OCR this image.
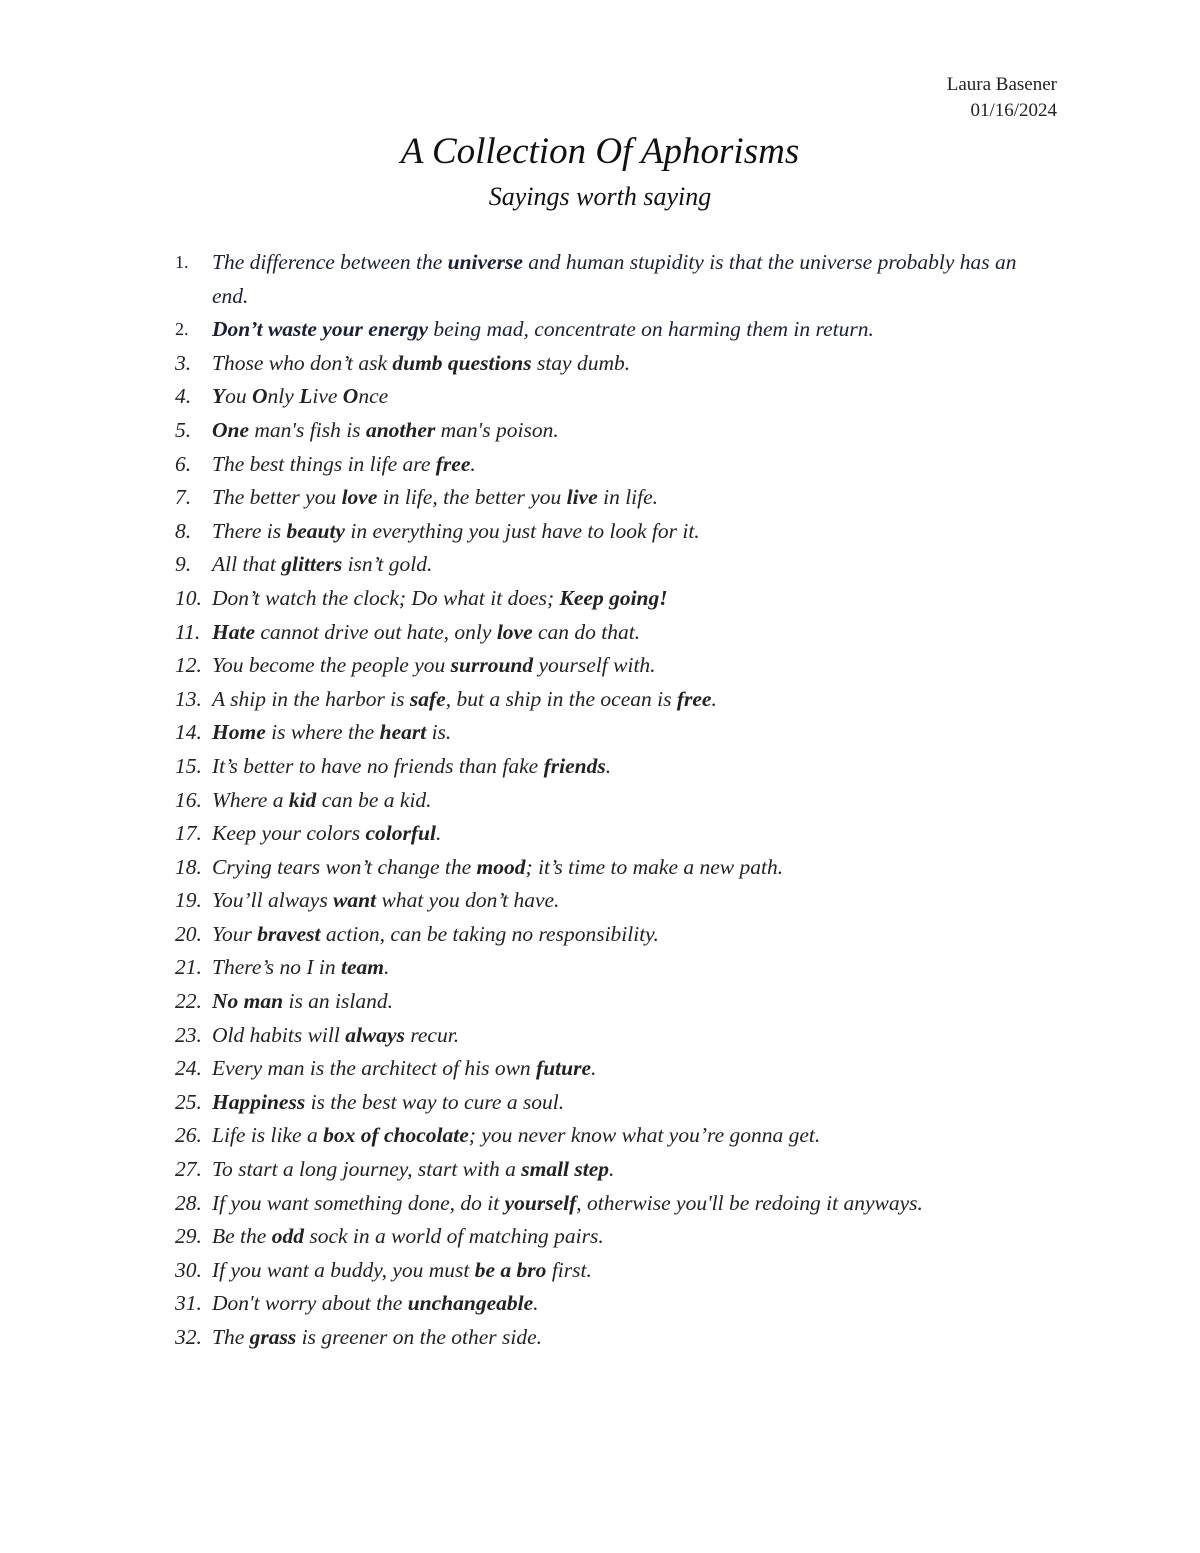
Laura Basener
01/16/2024
A Collection Of Aphorisms
Sayings worth saying
1. The difference between the universe and human stupidity is that the universe probably has an end.
2. Don’t waste your energy being mad, concentrate on harming them in return.
3. Those who don’t ask dumb questions stay dumb.
4. You Only Live Once
5. One man's fish is another man's poison.
6. The best things in life are free.
7. The better you love in life, the better you live in life.
8. There is beauty in everything you just have to look for it.
9. All that glitters isn’t gold.
10. Don’t watch the clock; Do what it does; Keep going!
11. Hate cannot drive out hate, only love can do that.
12. You become the people you surround yourself with.
13. A ship in the harbor is safe, but a ship in the ocean is free.
14. Home is where the heart is.
15. It’s better to have no friends than fake friends.
16. Where a kid can be a kid.
17. Keep your colors colorful.
18. Crying tears won’t change the mood; it’s time to make a new path.
19. You’ll always want what you don’t have.
20. Your bravest action, can be taking no responsibility.
21. There’s no I in team.
22. No man is an island.
23. Old habits will always recur.
24. Every man is the architect of his own future.
25. Happiness is the best way to cure a soul.
26. Life is like a box of chocolate; you never know what you’re gonna get.
27. To start a long journey, start with a small step.
28. If you want something done, do it yourself, otherwise you'll be redoing it anyways.
29. Be the odd sock in a world of matching pairs.
30. If you want a buddy, you must be a bro first.
31. Don't worry about the unchangeable.
32. The grass is greener on the other side.
